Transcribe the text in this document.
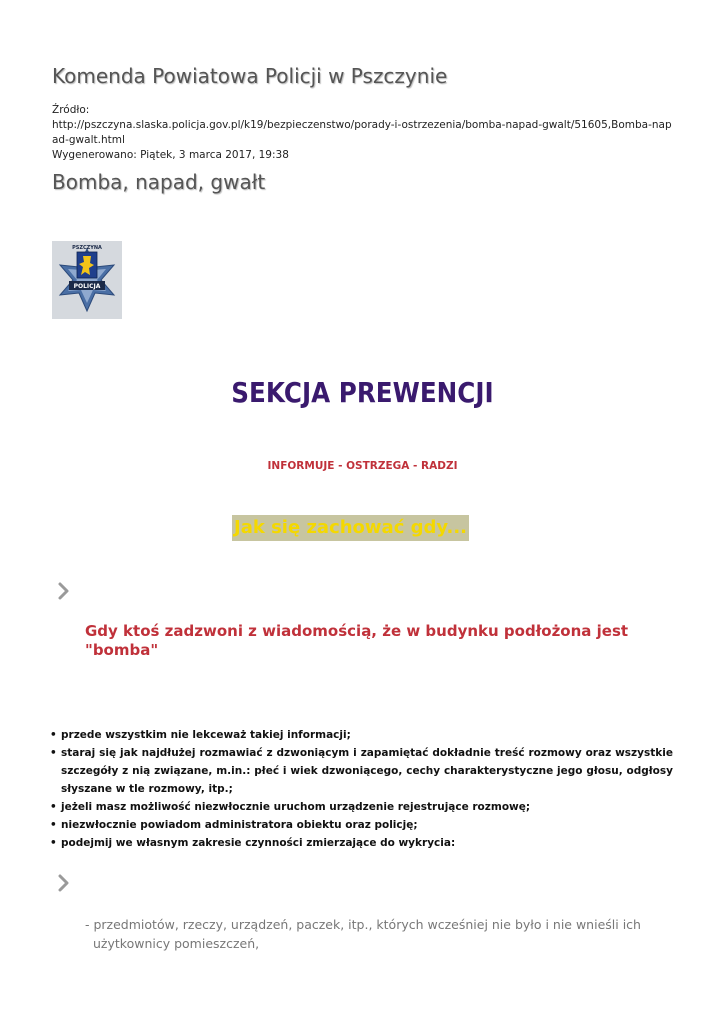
Komenda Powiatowa Policji w Pszczynie
Źródło:
http://pszczyna.slaska.policja.gov.pl/k19/bezpieczenstwo/porady-i-ostrzezenia/bomba-napad-gwalt/51605,Bomba-napad-gwalt.html
Wygenerowano: Piątek, 3 marca 2017, 19:38
Bomba, napad, gwałt
PSZCZYNA
POLICJA
SEKCJA PREWENCJI
INFORMUJE - OSTRZEGA - RADZI
Jak się zachować gdy...
Gdy ktoś zadzwoni z wiadomością, że w budynku podłożona jest "bomba"
• przede wszystkim nie lekceważ takiej informacji;
• staraj się jak najdłużej rozmawiać z dzwoniącym i zapamiętać dokładnie treść rozmowy oraz wszystkie szczegóły z nią związane, m.in.: płeć i wiek dzwoniącego, cechy charakterystyczne jego głosu, odgłosy słyszane w tle rozmowy, itp.;
• jeżeli masz możliwość niezwłocznie uruchom urządzenie rejestrujące rozmowę;
• niezwłocznie powiadom administratora obiektu oraz policję;
• podejmij we własnym zakresie czynności zmierzające do wykrycia:
- przedmiotów, rzeczy, urządzeń, paczek, itp., których wcześniej nie było i nie wnieśli ich użytkownicy pomieszczeń,
